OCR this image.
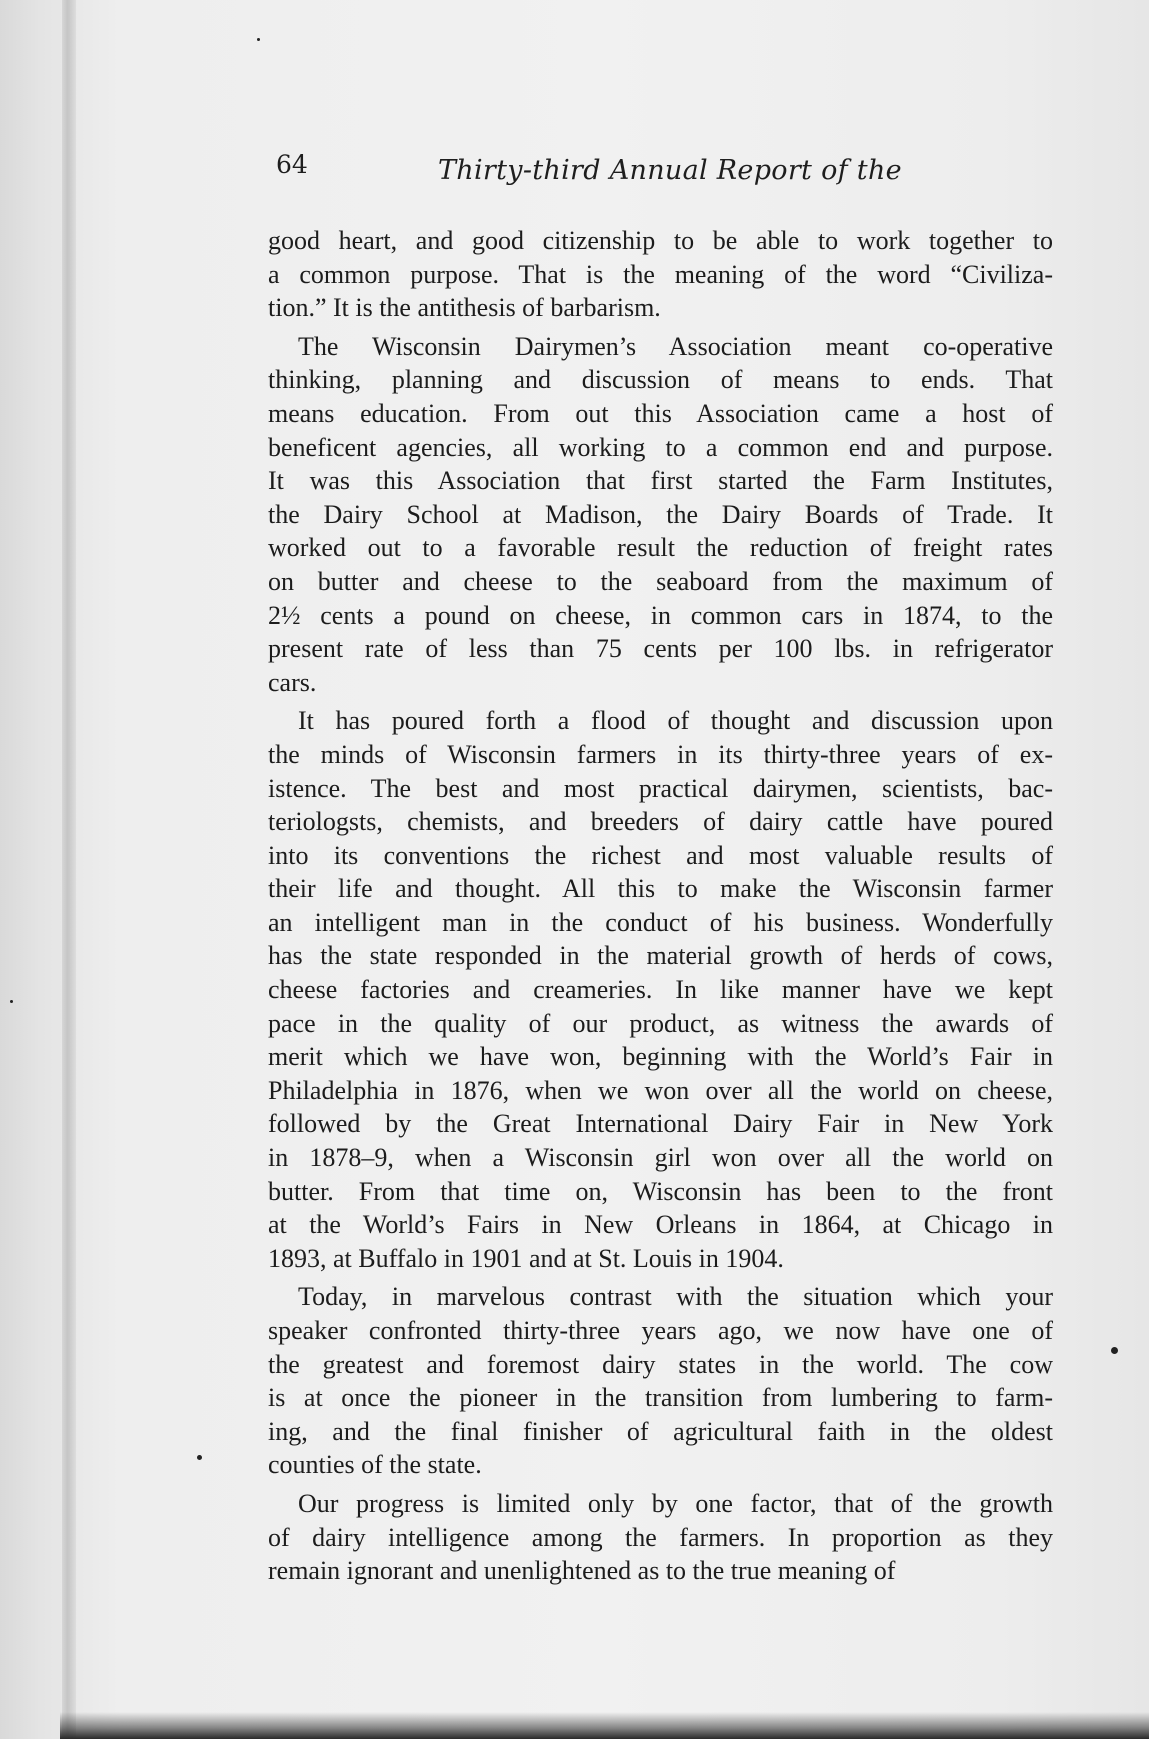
64	Thirty-third Annual Report of the
good heart, and good citizenship to be able to work together to
a common purpose. That is the meaning of the word “Civiliza-
tion.” It is the antithesis of barbarism.
The Wisconsin Dairymen’s Association meant co-operative
thinking, planning and discussion of means to ends. That
means education. From out this Association came a host of
beneficent agencies, all working to a common end and purpose.
It was this Association that first started the Farm Institutes,
the Dairy School at Madison, the Dairy Boards of Trade. It
worked out to a favorable result the reduction of freight rates
on butter and cheese to the seaboard from the maximum of
2½ cents a pound on cheese, in common cars in 1874, to the
present rate of less than 75 cents per 100 lbs. in refrigerator
cars.
It has poured forth a flood of thought and discussion upon
the minds of Wisconsin farmers in its thirty-three years of ex-
istence. The best and most practical dairymen, scientists, bac-
teriologsts, chemists, and breeders of dairy cattle have poured
into its conventions the richest and most valuable results of
their life and thought. All this to make the Wisconsin farmer
an intelligent man in the conduct of his business. Wonderfully
has the state responded in the material growth of herds of cows,
cheese factories and creameries. In like manner have we kept
pace in the quality of our product, as witness the awards of
merit which we have won, beginning with the World’s Fair in
Philadelphia in 1876, when we won over all the world on cheese,
followed by the Great International Dairy Fair in New York
in 1878–9, when a Wisconsin girl won over all the world on
butter. From that time on, Wisconsin has been to the front
at the World’s Fairs in New Orleans in 1864, at Chicago in
1893, at Buffalo in 1901 and at St. Louis in 1904.
Today, in marvelous contrast with the situation which your
speaker confronted thirty-three years ago, we now have one of
the greatest and foremost dairy states in the world. The cow
is at once the pioneer in the transition from lumbering to farm-
ing, and the final finisher of agricultural faith in the oldest
counties of the state.
Our progress is limited only by one factor, that of the growth
of dairy intelligence among the farmers. In proportion as they
remain ignorant and unenlightened as to the true meaning of
